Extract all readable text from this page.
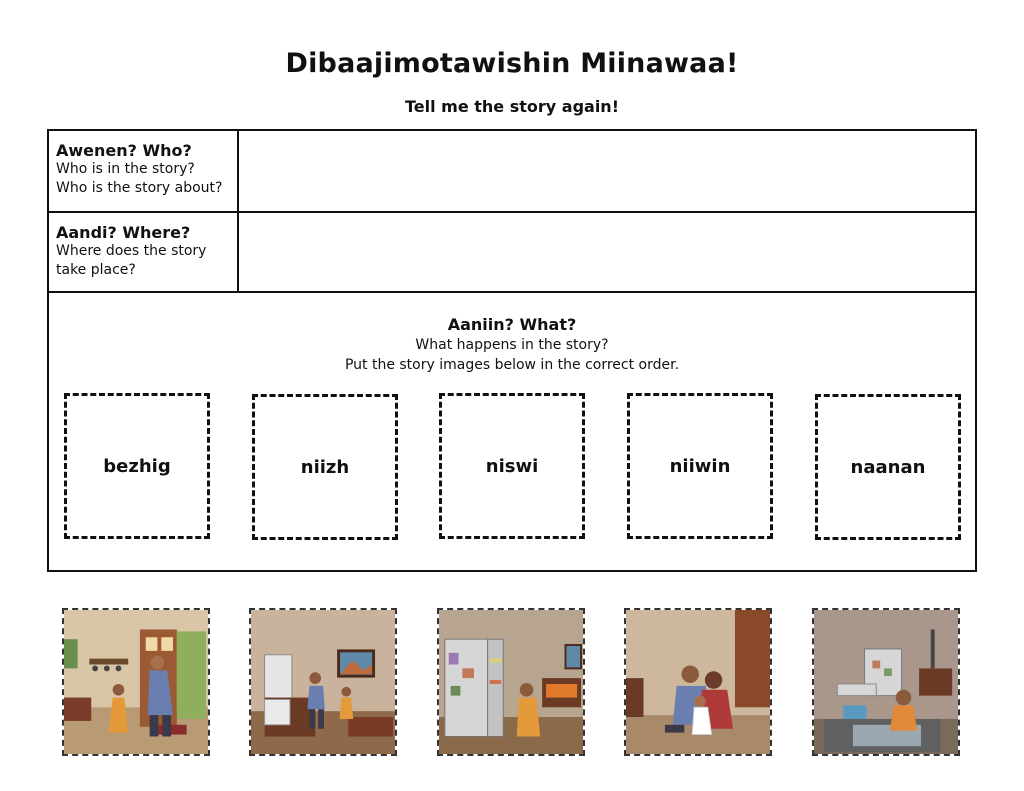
Dibaajimotawishin Miinawaa!
Tell me the story again!
Awenen? Who?
Who is in the story?
Who is the story about?
Aandi? Where?
Where does the story
take place?
Aaniin? What?
What happens in the story?
Put the story images below in the correct order.
bezhig	niizh	niswi	niiwin	naanan
